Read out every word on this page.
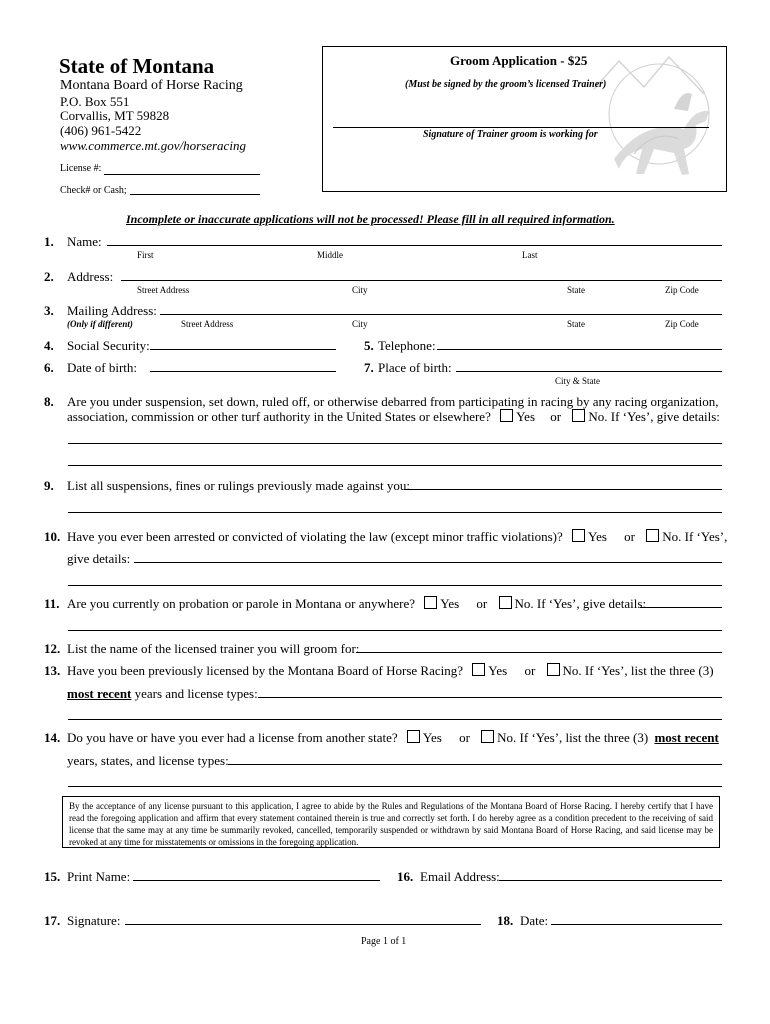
State of Montana
Montana Board of Horse Racing
P.O. Box 551
Corvallis, MT 59828
(406) 961-5422
www.commerce.mt.gov/horseracing
License #:
Check# or Cash;
Groom Application - $25
(Must be signed by the groom’s licensed Trainer)
Signature of Trainer groom is working for
Incomplete or inaccurate applications will not be processed! Please fill in all required information.
1. Name:
First	Middle	Last
2. Address:
Street Address	City	State	Zip Code
3. Mailing Address:
(Only if different)	Street Address	City	State	Zip Code
4. Social Security:	5. Telephone:
6. Date of birth:	7. Place of birth:
City & State
8. Are you under suspension, set down, ruled off, or otherwise debarred from participating in racing by any racing organization,
association, commission or other turf authority in the United States or elsewhere? Yes or No. If ‘Yes’, give details:
9. List all suspensions, fines or rulings previously made against you:
10. Have you ever been arrested or convicted of violating the law (except minor traffic violations)? Yes or No. If ‘Yes’,
give details:
11. Are you currently on probation or parole in Montana or anywhere? Yes or No. If ‘Yes’, give details:
12. List the name of the licensed trainer you will groom for:
13. Have you been previously licensed by the Montana Board of Horse Racing? Yes or No. If ‘Yes’, list the three (3)
most recent years and license types:
14. Do you have or have you ever had a license from another state? Yes or No. If ‘Yes’, list the three (3) most recent
years, states, and license types:
By the acceptance of any license pursuant to this application, I agree to abide by the Rules and Regulations of the Montana Board of Horse Racing. I hereby certify that I have read the foregoing application and affirm that every statement contained therein is true and correctly set forth. I do hereby agree as a condition precedent to the receiving of said license that the same may at any time be summarily revoked, cancelled, temporarily suspended or withdrawn by said Montana Board of Horse Racing, and said license may be revoked at any time for misstatements or omissions in the foregoing application.
15. Print Name:	16. Email Address:
17. Signature:	18. Date:
Page 1 of 1
